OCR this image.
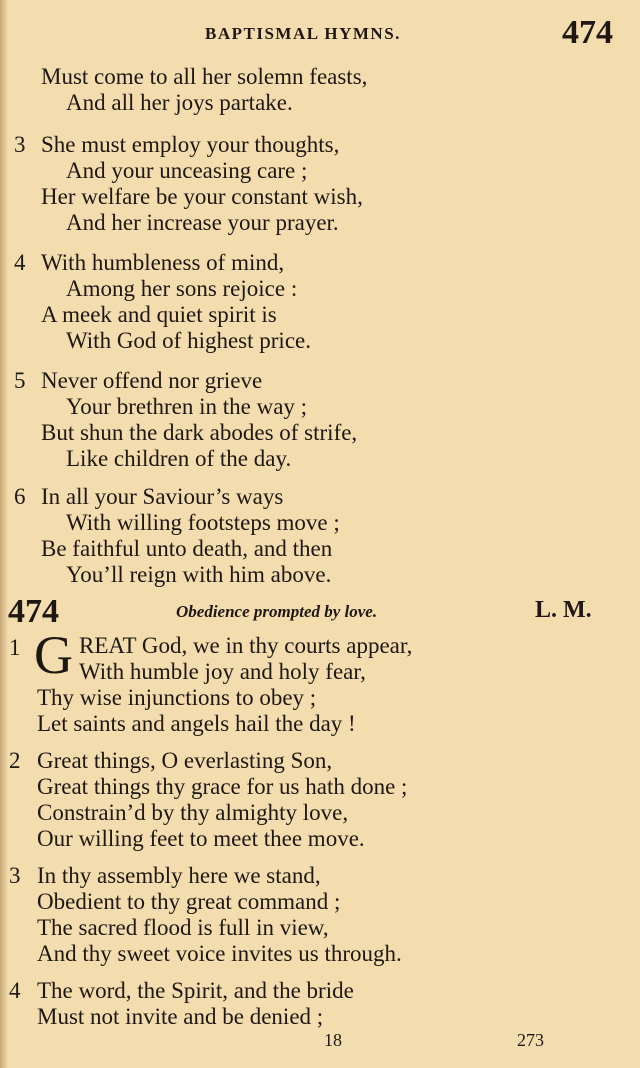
BAPTISMAL HYMNS.	474
Must come to all her solemn feasts,
And all her joys partake.
3 She must employ your thoughts,
And your unceasing care ;
Her welfare be your constant wish,
And her increase your prayer.
4 With humbleness of mind,
Among her sons rejoice :
A meek and quiet spirit is
With God of highest price.
5 Never offend nor grieve
Your brethren in the way ;
But shun the dark abodes of strife,
Like children of the day.
6 In all your Saviour’s ways
With willing footsteps move ;
Be faithful unto death, and then
You’ll reign with him above.
474	Obedience prompted by love.	L. M.
1 G REAT God, we in thy courts appear,
With humble joy and holy fear,
Thy wise injunctions to obey ;
Let saints and angels hail the day !
2 Great things, O everlasting Son,
Great things thy grace for us hath done ;
Constrain’d by thy almighty love,
Our willing feet to meet thee move.
3 In thy assembly here we stand,
Obedient to thy great command ;
The sacred flood is full in view,
And thy sweet voice invites us through.
4 The word, the Spirit, and the bride
Must not invite and be denied ;
18	273
